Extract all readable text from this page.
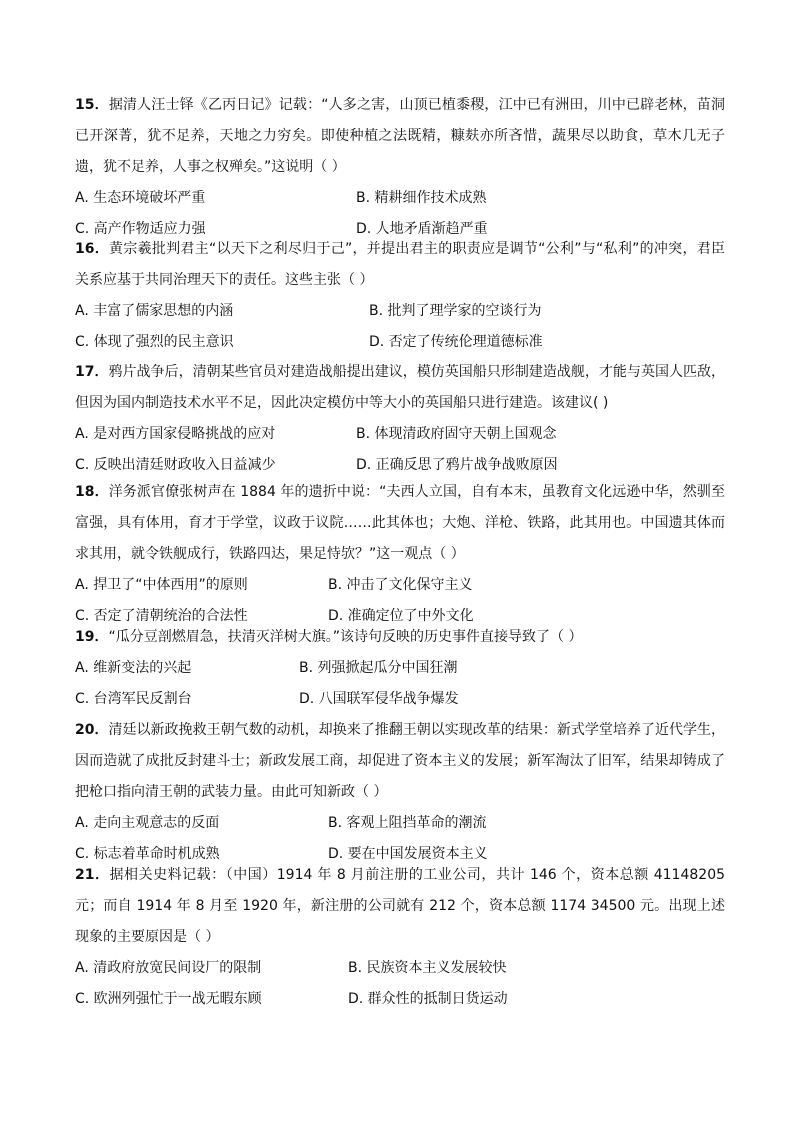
15．据清人汪士铎《乙丙日记》记载：“人多之害，山顶已植黍稷，江中已有洲田，川中已辟老林，苗洞已开深菁，犹不足养，天地之力穷矣。即使种植之法既精，糠麸亦所吝惜，蔬果尽以助食，草木几无子遗，犹不足养，人事之权殚矣。”这说明（ ）

A. 生态环境破坏严重	B. 精耕细作技术成熟
C. 高产作物适应力强	D. 人地矛盾渐趋严重

16．黄宗羲批判君主“以天下之利尽归于己”，并提出君主的职责应是调节“公利”与“私利”的冲突，君臣关系应基于共同治理天下的责任。这些主张（ ）

A. 丰富了儒家思想的内涵	B. 批判了理学家的空谈行为
C. 体现了强烈的民主意识	D. 否定了传统伦理道德标准

17．鸦片战争后，清朝某些官员对建造战船提出建议，模仿英国船只形制建造战舰，才能与英国人匹敌，但因为国内制造技术水平不足，因此决定模仿中等大小的英国船只进行建造。该建议( )

A. 是对西方国家侵略挑战的应对	B. 体现清政府固守天朝上国观念
C. 反映出清廷财政收入日益减少	D. 正确反思了鸦片战争战败原因

18．洋务派官僚张树声在 1884 年的遗折中说：“夫西人立国，自有本末，虽教育文化远逊中华，然驯至富强，具有体用，育才于学堂，议政于议院……此其体也；大炮、洋枪、铁路，此其用也。中国遗其体而求其用，就令铁舰成行，铁路四达，果足恃欤？”这一观点（ ）

A. 捍卫了“中体西用”的原则	B. 冲击了文化保守主义
C. 否定了清朝统治的合法性	D. 准确定位了中外文化

19．“瓜分豆剖燃眉急，扶清灭洋树大旗。”该诗句反映的历史事件直接导致了（ ）

A. 维新变法的兴起	B. 列强掀起瓜分中国狂潮
C. 台湾军民反割台	D. 八国联军侵华战争爆发

20．清廷以新政挽救王朝气数的动机，却换来了推翻王朝以实现改革的结果：新式学堂培养了近代学生，因而造就了成批反封建斗士；新政发展工商，却促进了资本主义的发展；新军淘汰了旧军，结果却铸成了把枪口指向清王朝的武装力量。由此可知新政（ ）

A. 走向主观意志的反面	B. 客观上阻挡革命的潮流
C. 标志着革命时机成熟	D. 要在中国发展资本主义

21．据相关史料记载：（中国）1914 年 8 月前注册的工业公司，共计 146 个，资本总额 41148205 元；而自 1914 年 8 月至 1920 年，新注册的公司就有 212 个，资本总额 1174 34500 元。出现上述现象的主要原因是（ ）

A. 清政府放宽民间设厂的限制	B. 民族资本主义发展较快
C. 欧洲列强忙于一战无暇东顾	D. 群众性的抵制日货运动
